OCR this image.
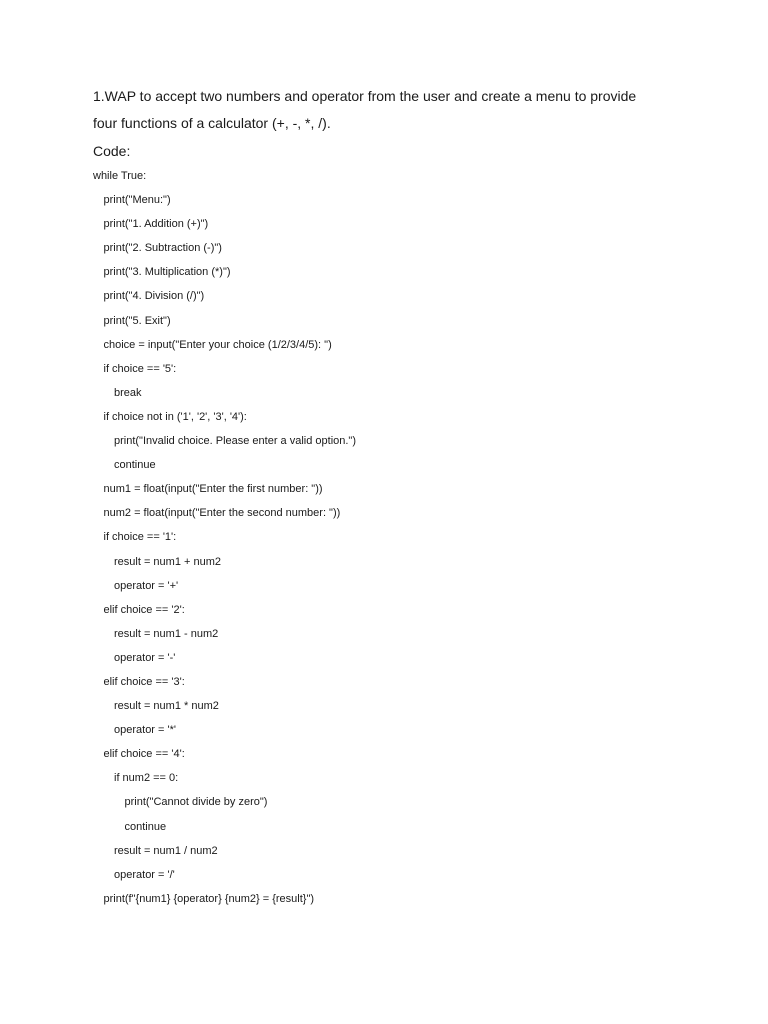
1.WAP to accept two numbers and operator from the user and create a menu to provide
four functions of a calculator (+, -, *, /).
Code:
while True:
print("Menu:")
print("1. Addition (+)")
print("2. Subtraction (-)")
print("3. Multiplication (*)")
print("4. Division (/)")
print("5. Exit")
choice = input("Enter your choice (1/2/3/4/5): ")
if choice == '5':
break
if choice not in ('1', '2', '3', '4'):
print("Invalid choice. Please enter a valid option.")
continue
num1 = float(input("Enter the first number: "))
num2 = float(input("Enter the second number: "))
if choice == '1':
result = num1 + num2
operator = '+'
elif choice == '2':
result = num1 - num2
operator = '-'
elif choice == '3':
result = num1 * num2
operator = '*'
elif choice == '4':
if num2 == 0:
print("Cannot divide by zero")
continue
result = num1 / num2
operator = '/'
print(f"{num1} {operator} {num2} = {result}")
